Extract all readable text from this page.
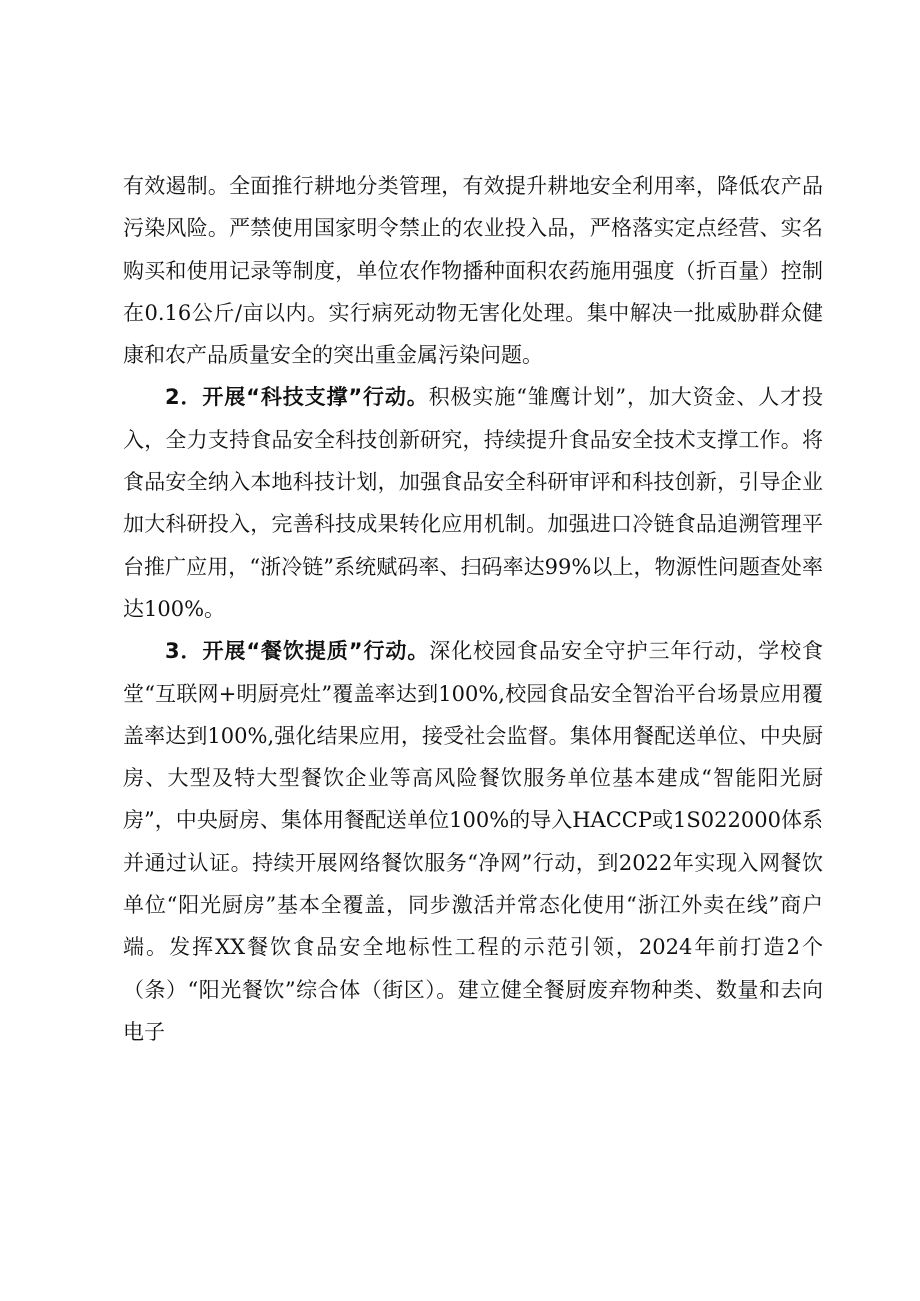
有效遏制。全面推行耕地分类管理，有效提升耕地安全利用率，降低农产品污染风险。严禁使用国家明令禁止的农业投入品，严格落实定点经营、实名购买和使用记录等制度，单位农作物播种面积农药施用强度（折百量）控制在0.16公斤/亩以内。实行病死动物无害化处理。集中解决一批威胁群众健康和农产品质量安全的突出重金属污染问题。

2．开展“科技支撑”行动。积极实施“雏鹰计划”，加大资金、人才投入，全力支持食品安全科技创新研究，持续提升食品安全技术支撑工作。将食品安全纳入本地科技计划，加强食品安全科研审评和科技创新，引导企业加大科研投入，完善科技成果转化应用机制。加强进口冷链食品追溯管理平台推广应用，“浙冷链”系统赋码率、扫码率达99%以上，物源性问题查处率达100%。

3．开展“餐饮提质”行动。深化校园食品安全守护三年行动，学校食堂“互联网+明厨亮灶”覆盖率达到100%,校园食品安全智治平台场景应用覆盖率达到100%,强化结果应用，接受社会监督。集体用餐配送单位、中央厨房、大型及特大型餐饮企业等高风险餐饮服务单位基本建成“智能阳光厨房”，中央厨房、集体用餐配送单位100%的导入HACCP或1S022000体系并通过认证。持续开展网络餐饮服务“净网”行动，到2022年实现入网餐饮单位“阳光厨房”基本全覆盖，同步激活并常态化使用“浙江外卖在线”商户端。发挥XX餐饮食品安全地标性工程的示范引领，2024年前打造2个（条）“阳光餐饮”综合体（街区）。建立健全餐厨废弃物种类、数量和去向电子
